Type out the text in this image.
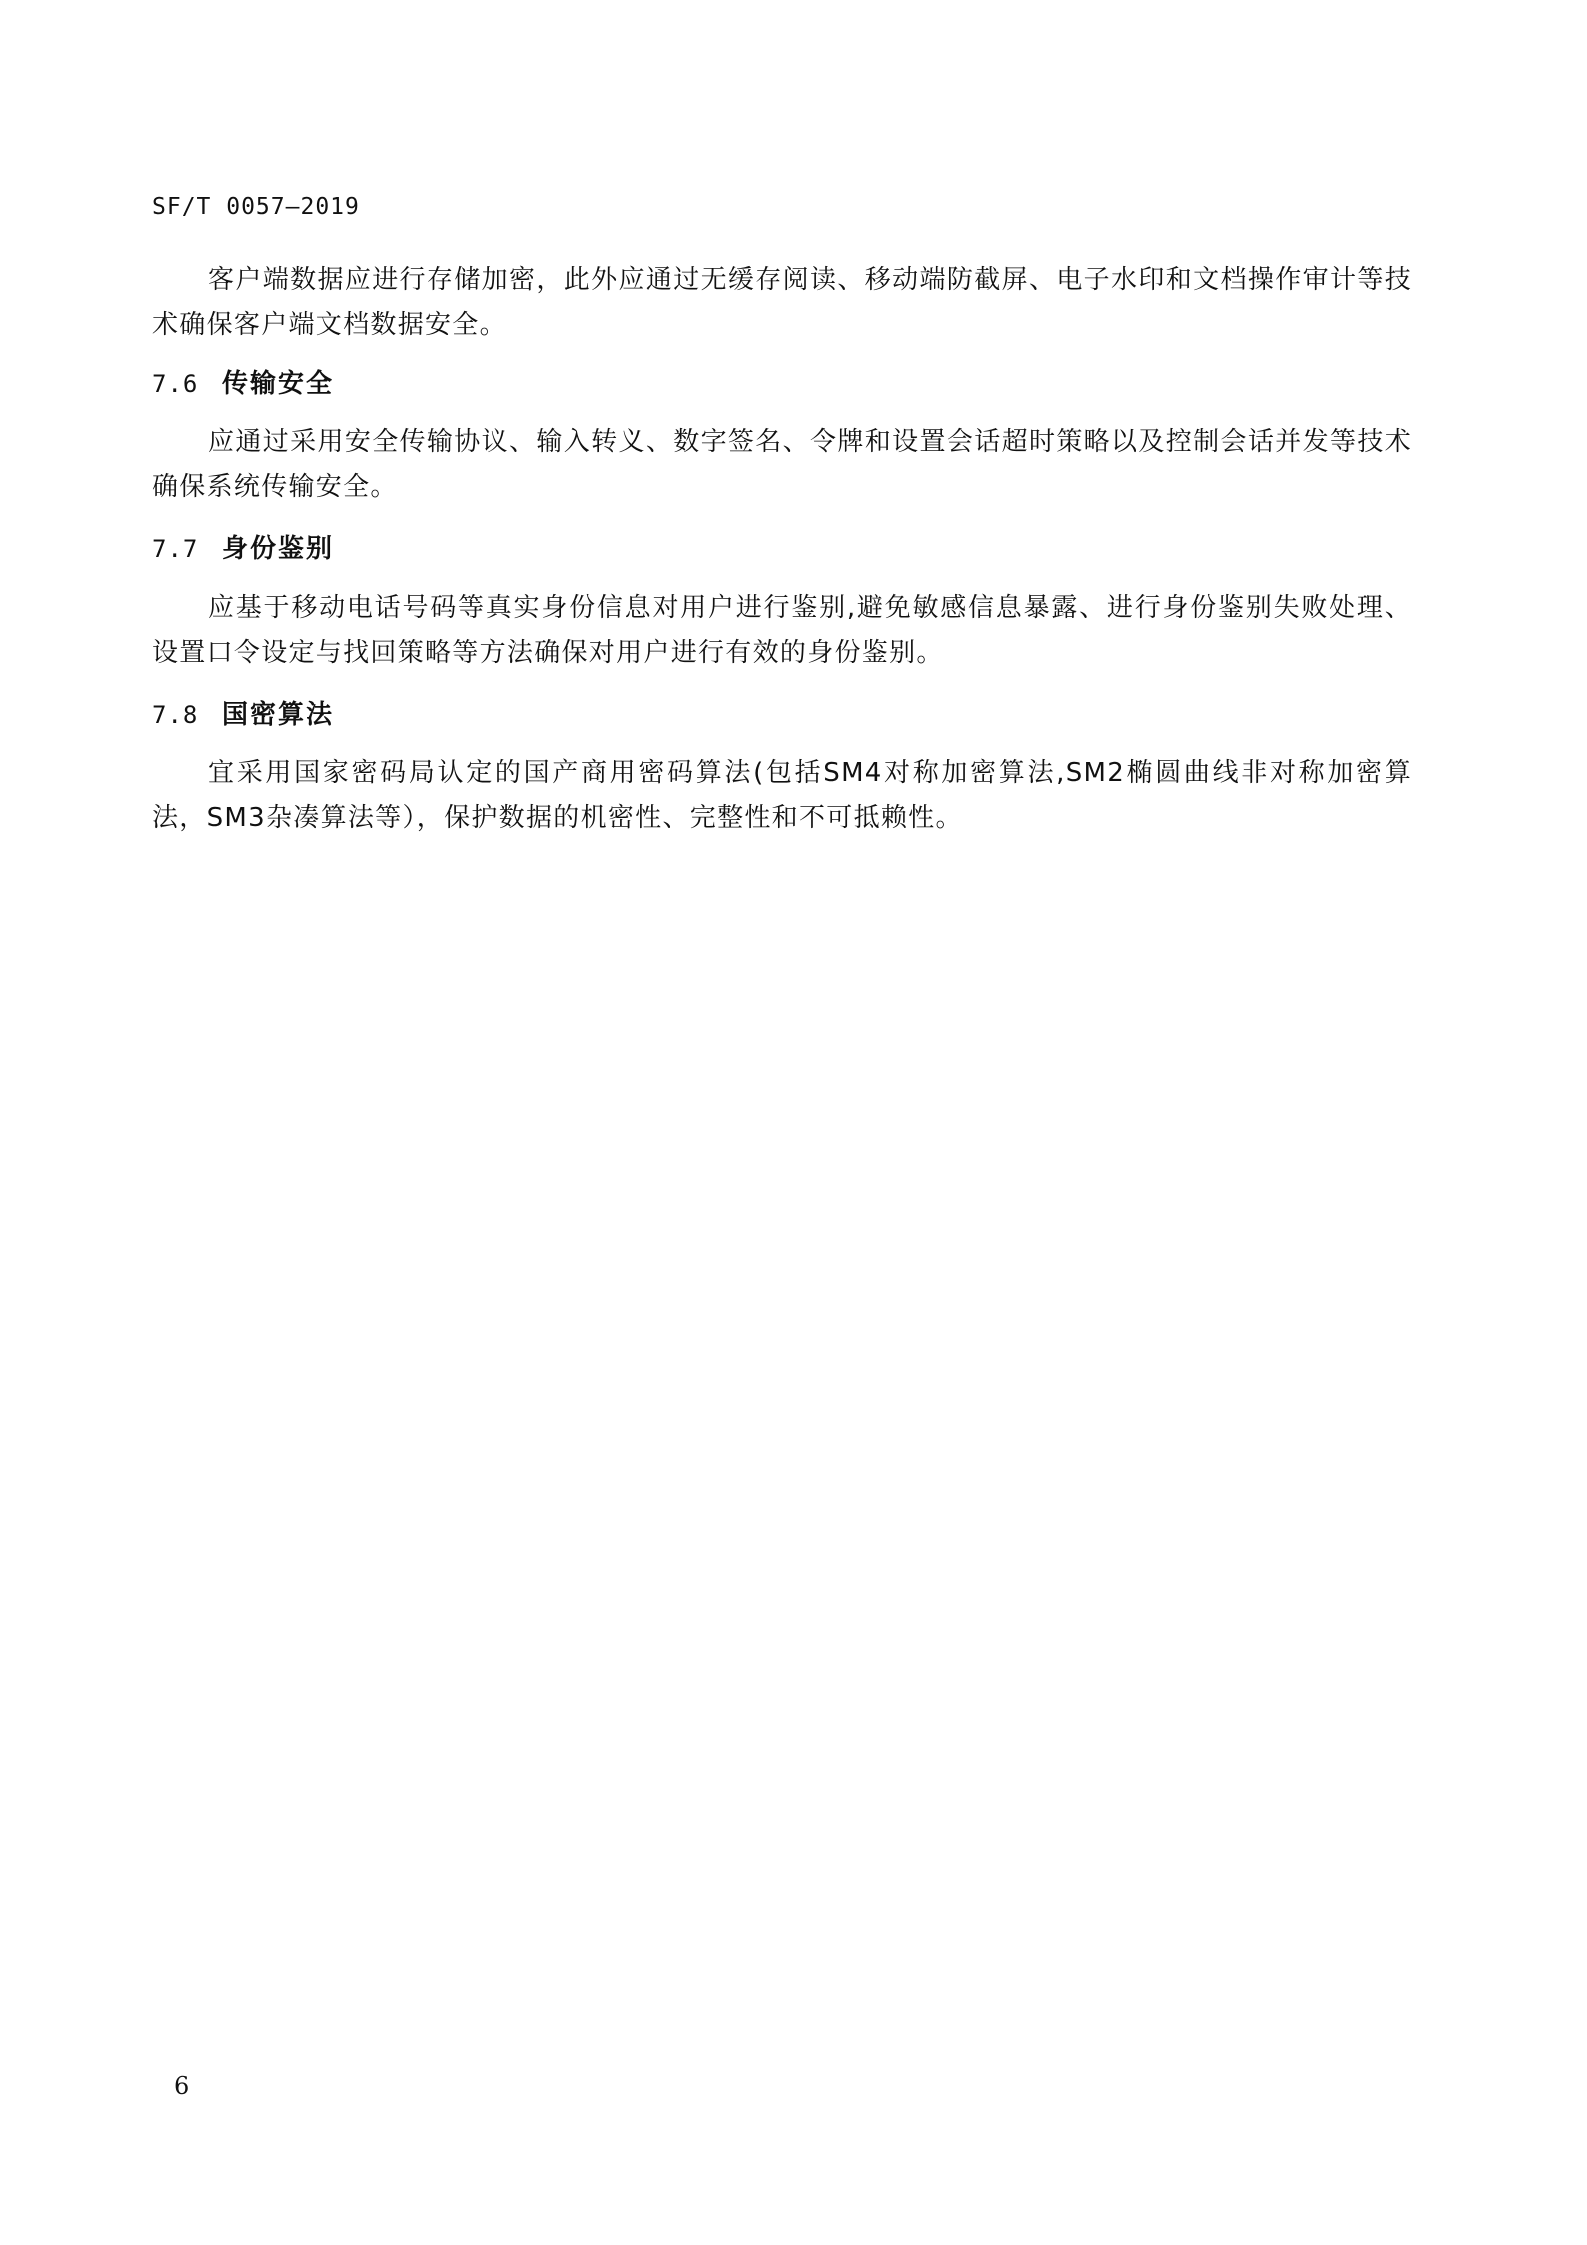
SF/T 0057—2019
客户端数据应进行存储加密，此外应通过无缓存阅读、移动端防截屏、电子水印和文档操作审计等技术确保客户端文档数据安全。
7.6 传输安全
应通过采用安全传输协议、输入转义、数字签名、令牌和设置会话超时策略以及控制会话并发等技术确保系统传输安全。
7.7 身份鉴别
应基于移动电话号码等真实身份信息对用户进行鉴别,避免敏感信息暴露、进行身份鉴别失败处理、设置口令设定与找回策略等方法确保对用户进行有效的身份鉴别。
7.8 国密算法
宜采用国家密码局认定的国产商用密码算法(包括SM4对称加密算法,SM2椭圆曲线非对称加密算法，SM3杂凑算法等），保护数据的机密性、完整性和不可抵赖性。
6
